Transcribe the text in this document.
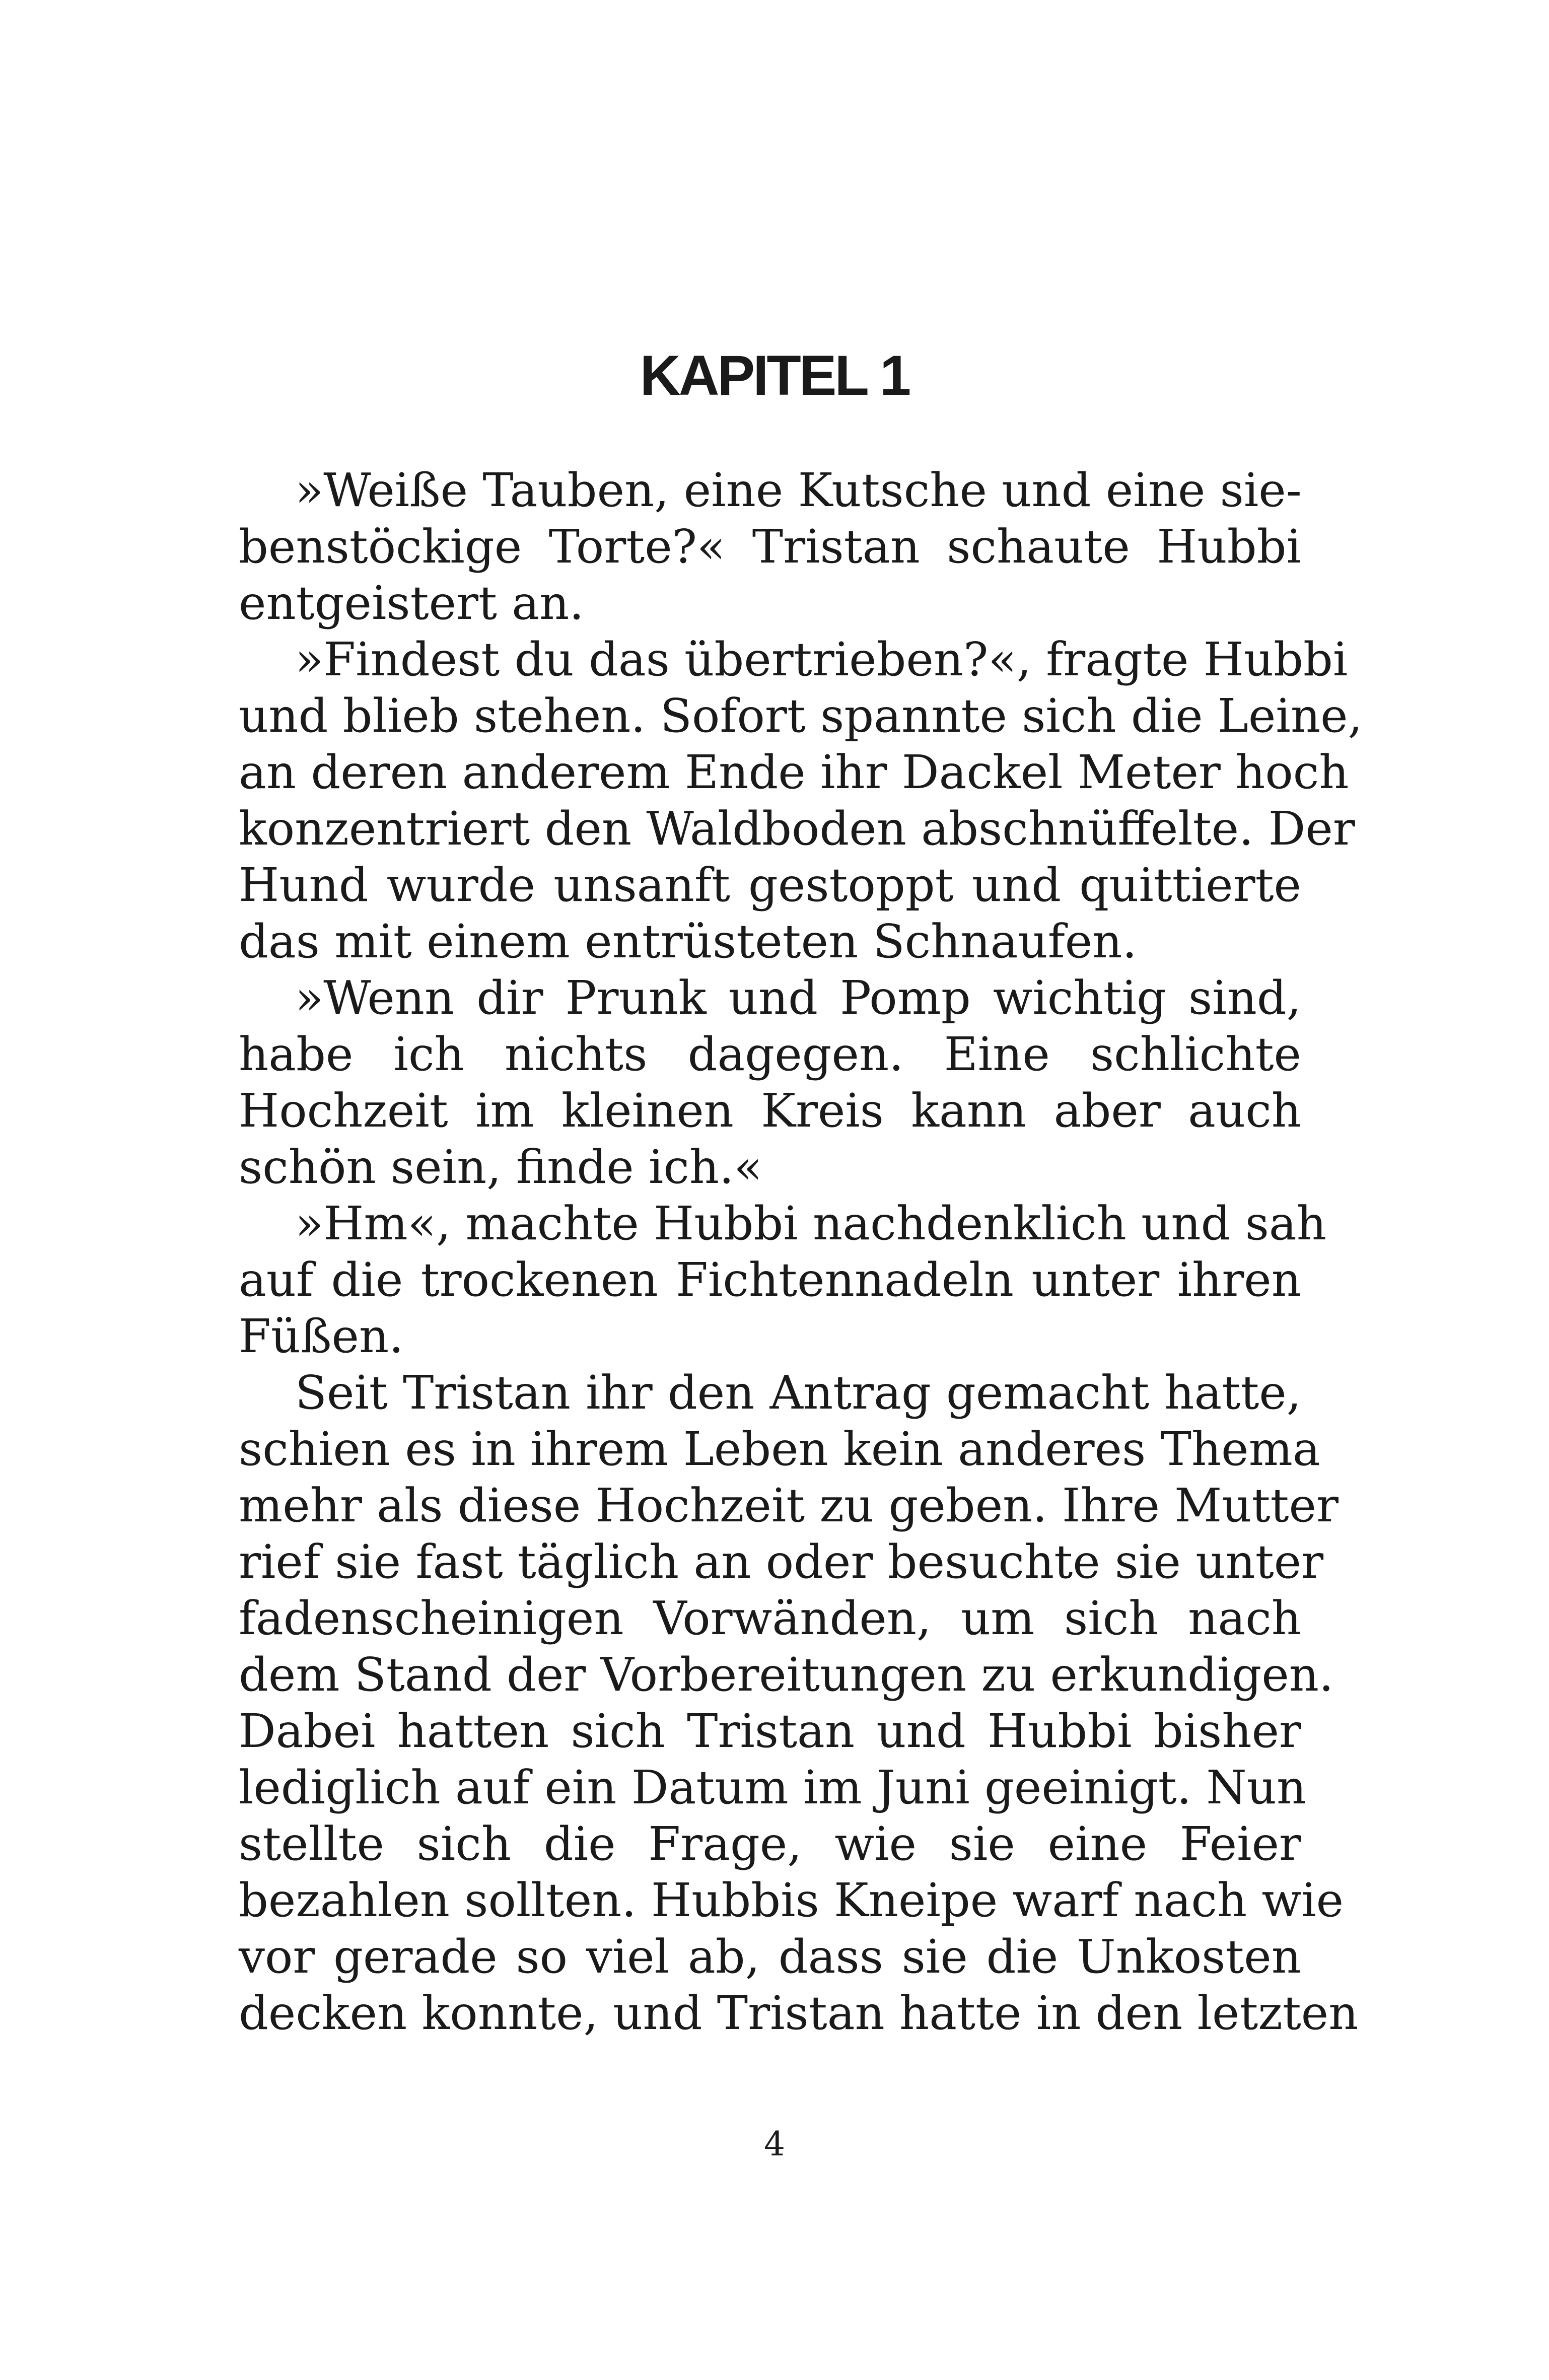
KAPITEL 1
»Weiße Tauben, eine Kutsche und eine sie-
benstöckige Torte?« Tristan schaute Hubbi
entgeistert an.
»Findest du das übertrieben?«, fragte Hubbi
und blieb stehen. Sofort spannte sich die Leine,
an deren anderem Ende ihr Dackel Meter hoch
konzentriert den Waldboden abschnüffelte. Der
Hund wurde unsanft gestoppt und quittierte
das mit einem entrüsteten Schnaufen.
»Wenn dir Prunk und Pomp wichtig sind,
habe ich nichts dagegen. Eine schlichte
Hochzeit im kleinen Kreis kann aber auch
schön sein, finde ich.«
»Hm«, machte Hubbi nachdenklich und sah
auf die trockenen Fichtennadeln unter ihren
Füßen.
Seit Tristan ihr den Antrag gemacht hatte,
schien es in ihrem Leben kein anderes Thema
mehr als diese Hochzeit zu geben. Ihre Mutter
rief sie fast täglich an oder besuchte sie unter
fadenscheinigen Vorwänden, um sich nach
dem Stand der Vorbereitungen zu erkundigen.
Dabei hatten sich Tristan und Hubbi bisher
lediglich auf ein Datum im Juni geeinigt. Nun
stellte sich die Frage, wie sie eine Feier
bezahlen sollten. Hubbis Kneipe warf nach wie
vor gerade so viel ab, dass sie die Unkosten
decken konnte, und Tristan hatte in den letzten
4
